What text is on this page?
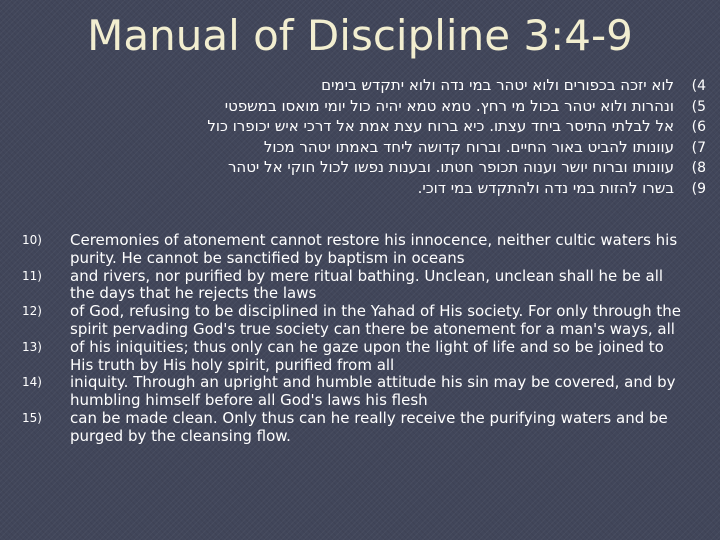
Manual of Discipline 3:4-9
(4
לוא יזכה בכפורים ולוא יטהר במי נדה ולוא יתקדש בימים
(5
ונהרות ולוא יטהר בכול מי רחץ. טמא טמא יהיה כול יומי מואסו במשפטי
(6
אל לבלתי התיסר ביחד עצתו. כיא ברוח עצת אמת אל דרכי איש יכופרו כול
(7
עוונותו להביט באור החיים. וברוח קדושה ליחד באמתו יטהר מכול
(8
עוונותו וברוח יושר וענוה תכופר חטתו. ובענות נפשו לכול חוקי אל יטהר
(9
בשרו להזות במי נדה ולהתקדש במי דוכי.
10) Ceremonies of atonement cannot restore his innocence, neither cultic waters his purity. He cannot be sanctified by baptism in oceans
11) and rivers, nor purified by mere ritual bathing. Unclean, unclean shall he be all the days that he rejects the laws
12) of God, refusing to be disciplined in the Yahad of His society. For only through the spirit pervading God's true society can there be atonement for a man's ways, all
13) of his iniquities; thus only can he gaze upon the light of life and so be joined to His truth by His holy spirit, purified from all
14) iniquity. Through an upright and humble attitude his sin may be covered, and by humbling himself before all God's laws his flesh
15) can be made clean. Only thus can he really receive the purifying waters and be purged by the cleansing flow.
